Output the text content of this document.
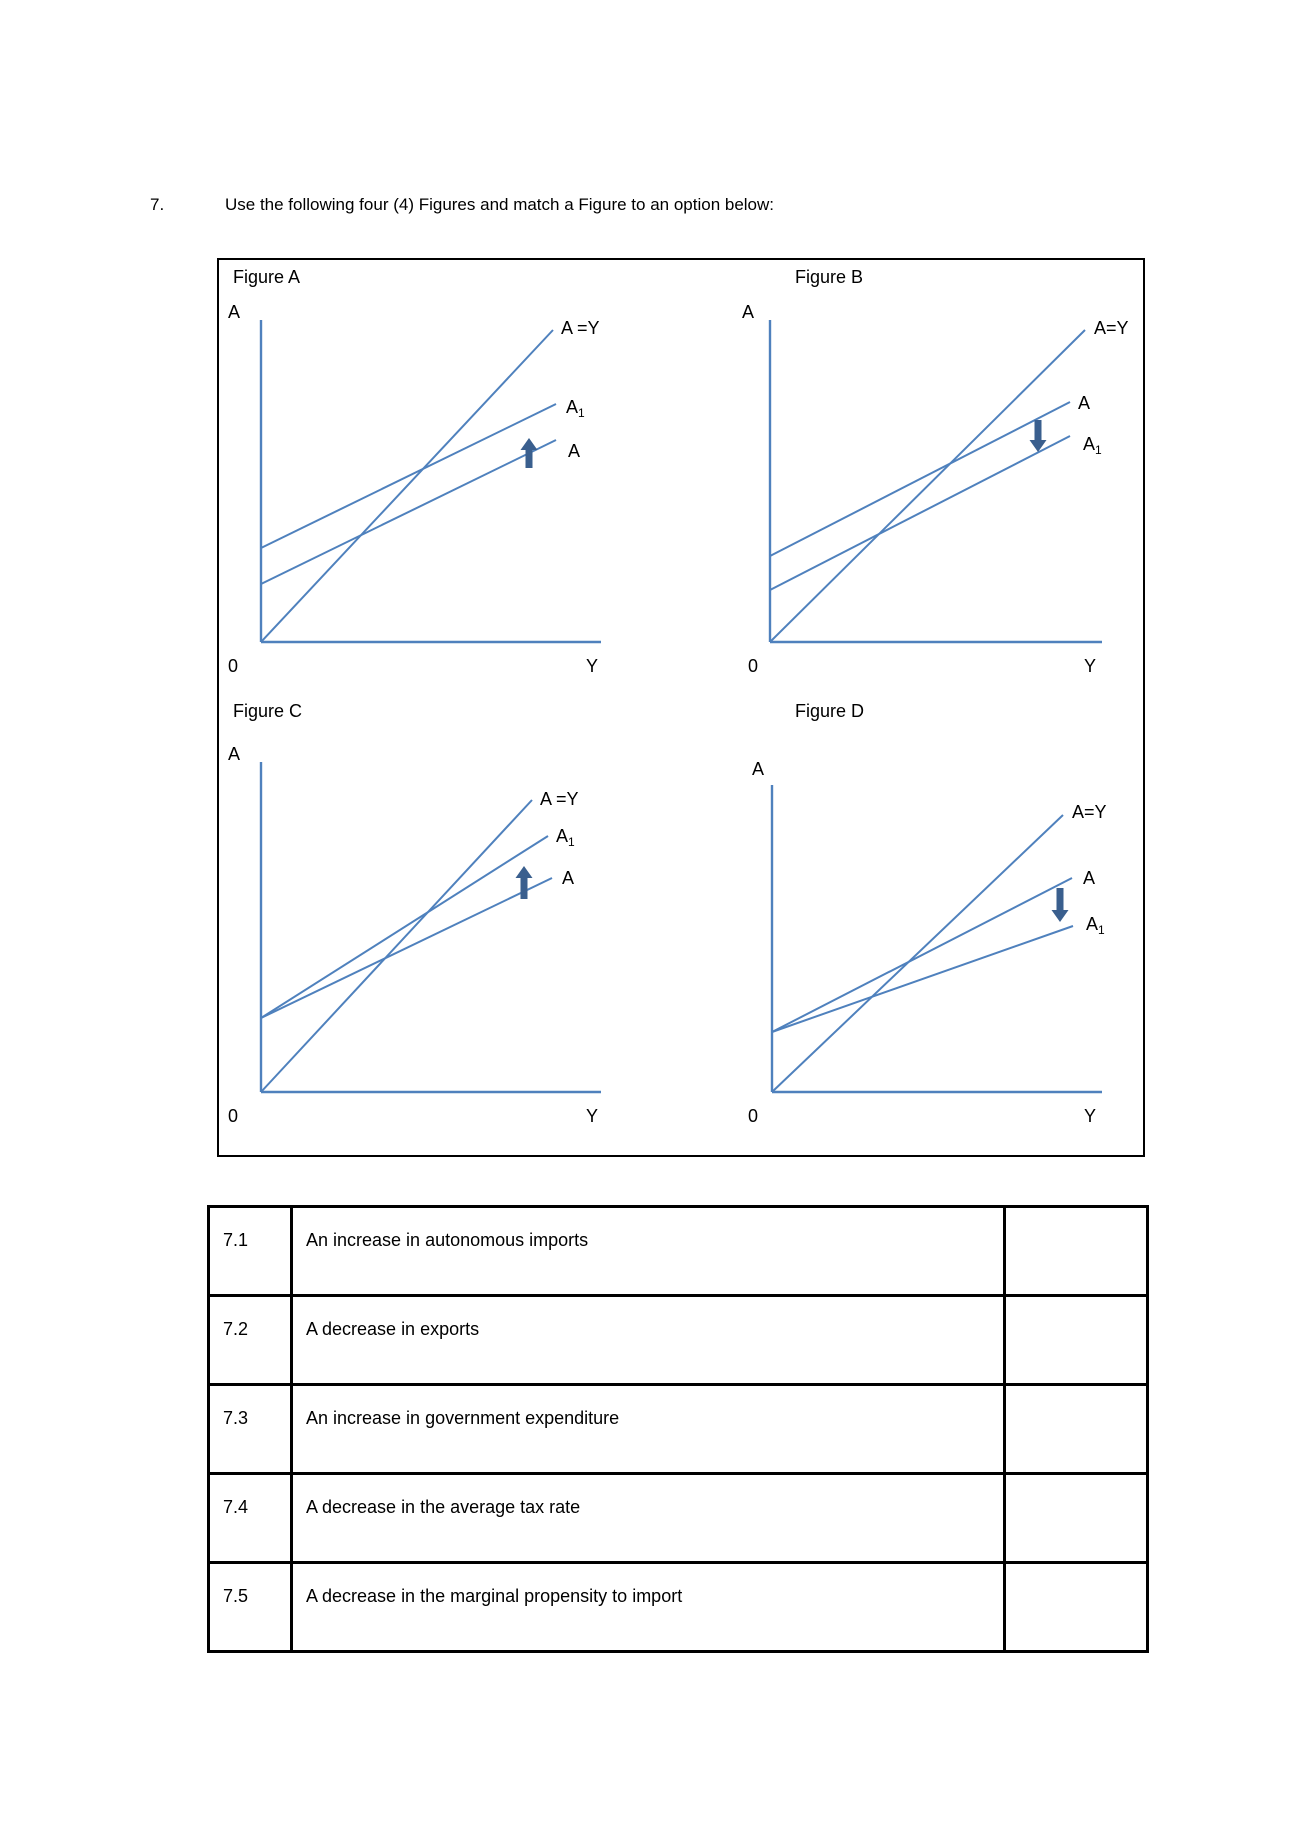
7.	Use the following four (4) Figures and match a Figure to an option below:
Figure A
A
Y
0
A =Y
$A_1$
A
Figure B
A
Y
0
A=Y
A
$A_1$
Figure C
A
Y
0
A =Y
$A_1$
A
Figure D
A
Y
0
A=Y
A
$A_1$
7.1	An increase in autonomous imports	
7.2	A decrease in exports	
7.3	An increase in government expenditure	
7.4	A decrease in the average tax rate	
7.5	A decrease in the marginal propensity to import	
